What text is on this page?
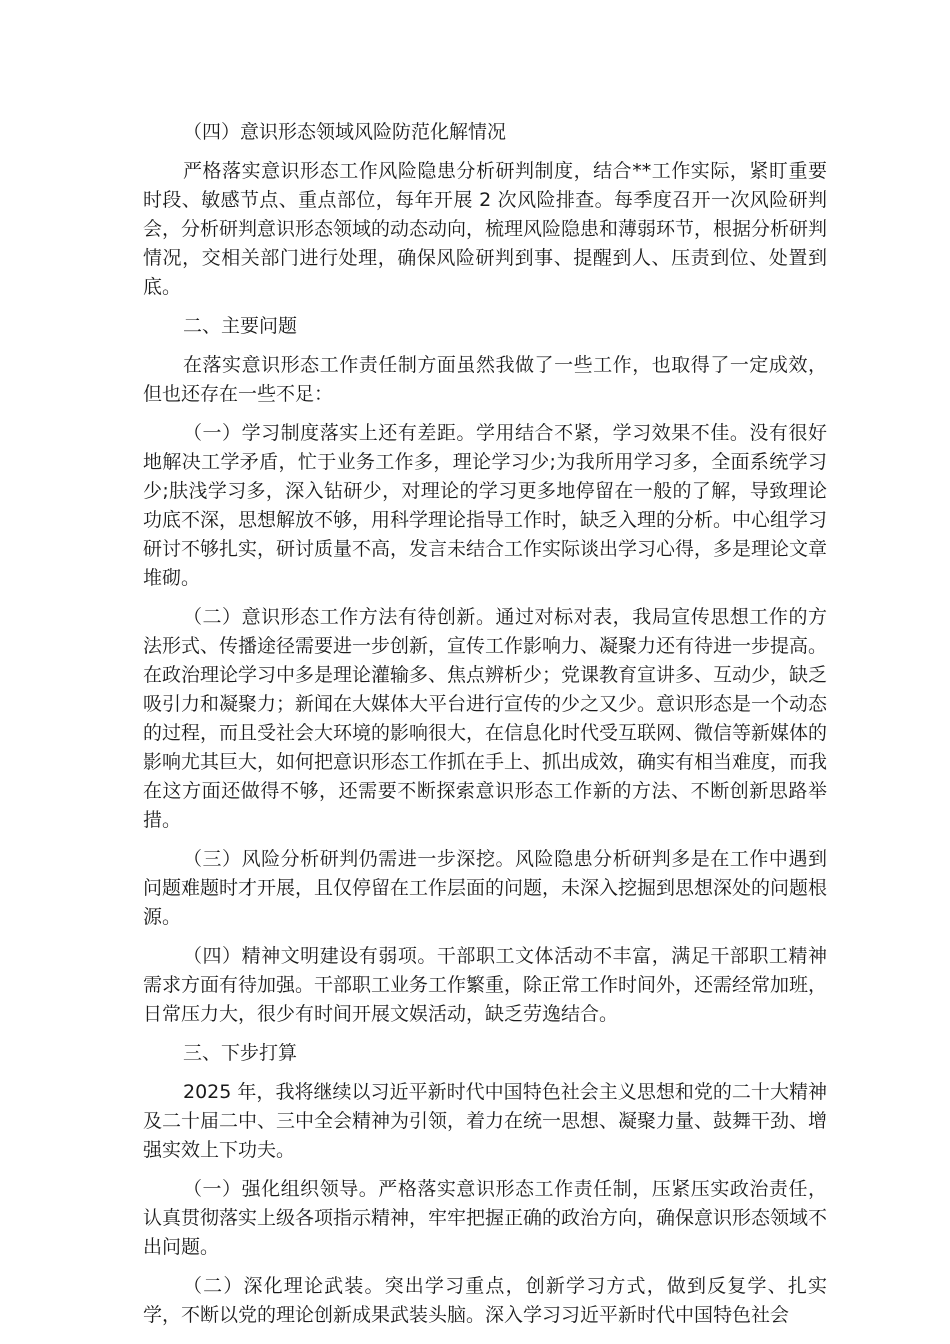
（四）意识形态领域风险防范化解情况

严格落实意识形态工作风险隐患分析研判制度，结合**工作实际，紧盯重要时段、敏感节点、重点部位，每年开展 2 次风险排查。每季度召开一次风险研判会，分析研判意识形态领域的动态动向，梳理风险隐患和薄弱环节，根据分析研判情况，交相关部门进行处理，确保风险研判到事、提醒到人、压责到位、处置到底。

二、主要问题

在落实意识形态工作责任制方面虽然我做了一些工作，也取得了一定成效，但也还存在一些不足：

（一）学习制度落实上还有差距。学用结合不紧，学习效果不佳。没有很好地解决工学矛盾，忙于业务工作多，理论学习少;为我所用学习多，全面系统学习少;肤浅学习多，深入钻研少，对理论的学习更多地停留在一般的了解，导致理论功底不深，思想解放不够，用科学理论指导工作时，缺乏入理的分析。中心组学习研讨不够扎实，研讨质量不高，发言未结合工作实际谈出学习心得，多是理论文章堆砌。

（二）意识形态工作方法有待创新。通过对标对表，我局宣传思想工作的方法形式、传播途径需要进一步创新，宣传工作影响力、凝聚力还有待进一步提高。在政治理论学习中多是理论灌输多、焦点辨析少；党课教育宣讲多、互动少，缺乏吸引力和凝聚力；新闻在大媒体大平台进行宣传的少之又少。意识形态是一个动态的过程，而且受社会大环境的影响很大，在信息化时代受互联网、微信等新媒体的影响尤其巨大，如何把意识形态工作抓在手上、抓出成效，确实有相当难度，而我在这方面还做得不够，还需要不断探索意识形态工作新的方法、不断创新思路举措。

（三）风险分析研判仍需进一步深挖。风险隐患分析研判多是在工作中遇到问题难题时才开展，且仅停留在工作层面的问题，未深入挖掘到思想深处的问题根源。

（四）精神文明建设有弱项。干部职工文体活动不丰富，满足干部职工精神需求方面有待加强。干部职工业务工作繁重，除正常工作时间外，还需经常加班，日常压力大，很少有时间开展文娱活动，缺乏劳逸结合。

三、下步打算

2025 年，我将继续以习近平新时代中国特色社会主义思想和党的二十大精神及二十届二中、三中全会精神为引领，着力在统一思想、凝聚力量、鼓舞干劲、增强实效上下功夫。

（一）强化组织领导。严格落实意识形态工作责任制，压紧压实政治责任，认真贯彻落实上级各项指示精神，牢牢把握正确的政治方向，确保意识形态领域不出问题。

（二）深化理论武装。突出学习重点，创新学习方式，做到反复学、扎实学，不断以党的理论创新成果武装头脑。深入学习习近平新时代中国特色社会
